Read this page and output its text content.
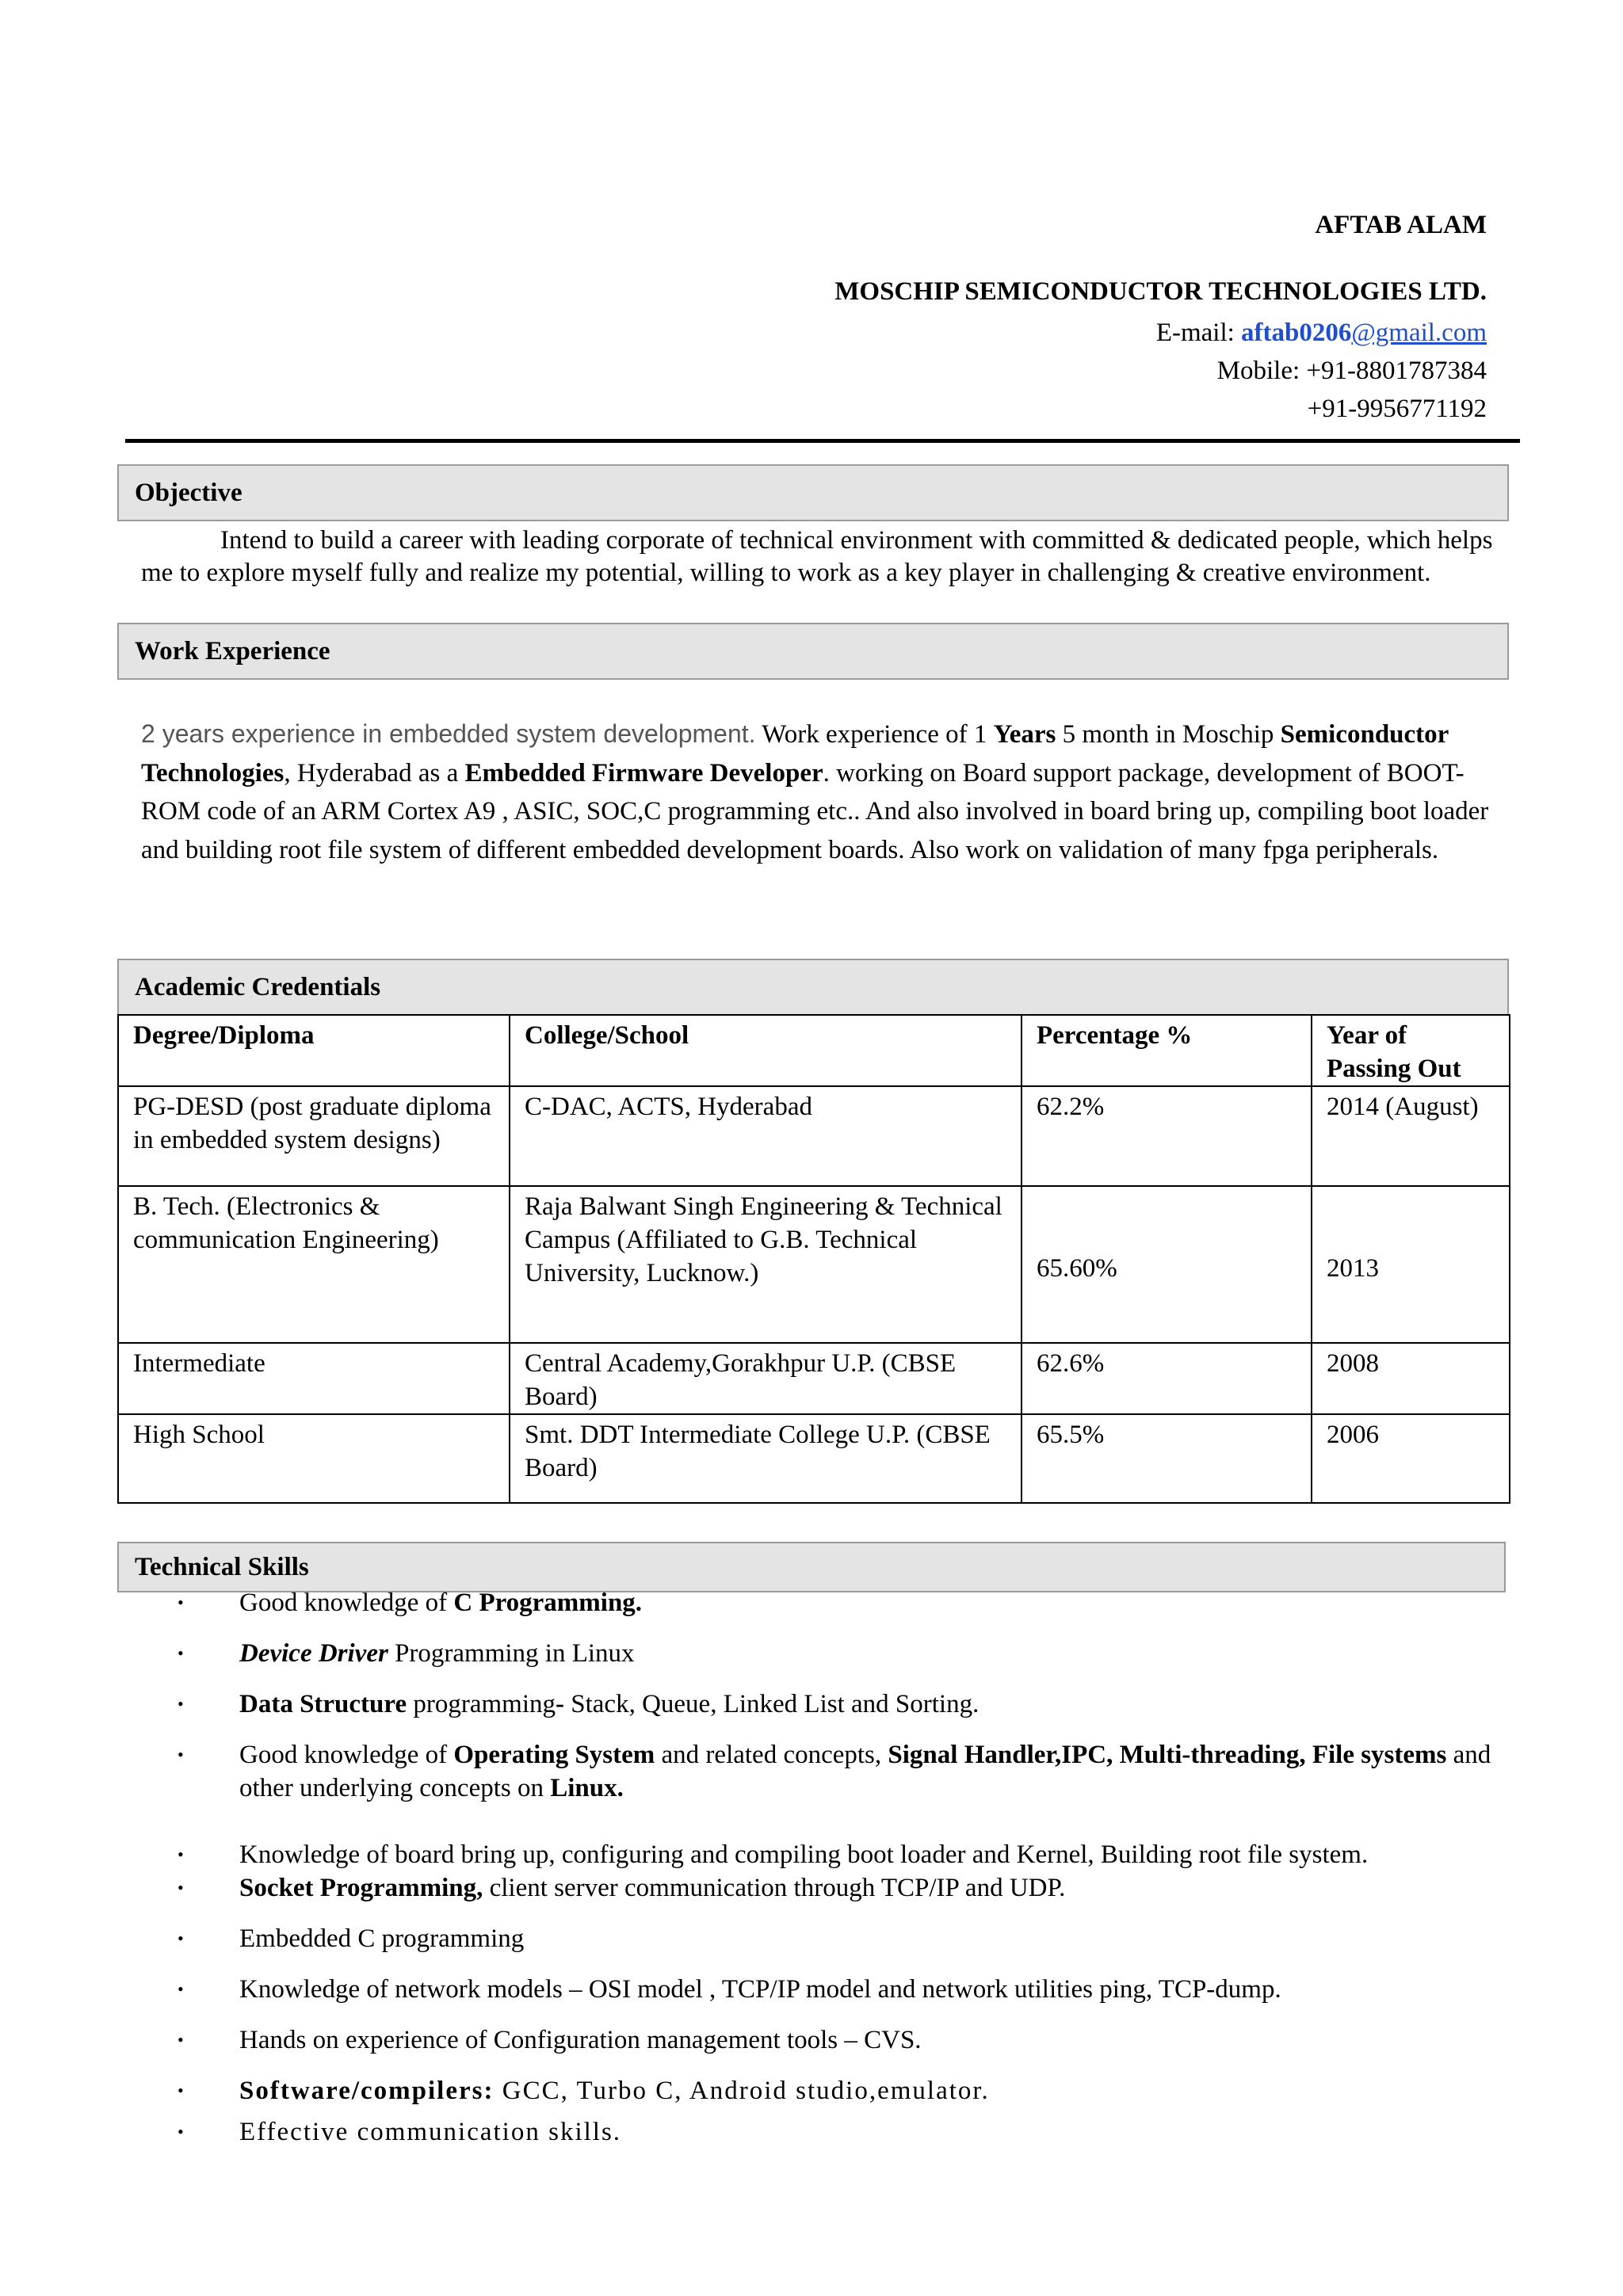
AFTAB ALAM
MOSCHIP SEMICONDUCTOR TECHNOLOGIES LTD.
E-mail: aftab0206@gmail.com
Mobile: +91-8801787384
+91-9956771192
Objective
Intend to build a career with leading corporate of technical environment with committed & dedicated people, which helps me to explore myself fully and realize my potential, willing to work as a key player in challenging & creative environment.
Work Experience
2 years experience in embedded system development. Work experience of 1 Years 5 month in Moschip Semiconductor Technologies, Hyderabad as a Embedded Firmware Developer. working on Board support package, development of BOOT-ROM code of an ARM Cortex A9 , ASIC, SOC,C programming etc.. And also involved in board bring up, compiling boot loader and building root file system of different embedded development boards. Also work on validation of many fpga peripherals.
Academic Credentials
Degree/Diploma	College/School	Percentage %	Year of Passing Out
PG-DESD (post graduate diploma in embedded system designs)	C-DAC, ACTS, Hyderabad	62.2%	2014 (August)
B. Tech. (Electronics & communication Engineering)	Raja Balwant Singh Engineering & Technical Campus (Affiliated to G.B. Technical University, Lucknow.)	65.60%	2013
Intermediate	Central Academy,Gorakhpur U.P. (CBSE Board)	62.6%	2008
High School	Smt. DDT Intermediate College U.P. (CBSE Board)	65.5%	2006
Technical Skills
• Good knowledge of C Programming.
• Device Driver Programming in Linux
• Data Structure programming- Stack, Queue, Linked List and Sorting.
• Good knowledge of Operating System and related concepts, Signal Handler,IPC, Multi-threading, File systems and other underlying concepts on Linux.
• Knowledge of board bring up, configuring and compiling boot loader and Kernel, Building root file system.
• Socket Programming, client server communication through TCP/IP and UDP.
• Embedded C programming
• Knowledge of network models – OSI model , TCP/IP model and network utilities ping, TCP-dump.
• Hands on experience of Configuration management tools – CVS.
• Software/compilers: GCC, Turbo C, Android studio,emulator.
• Effective communication skills.
